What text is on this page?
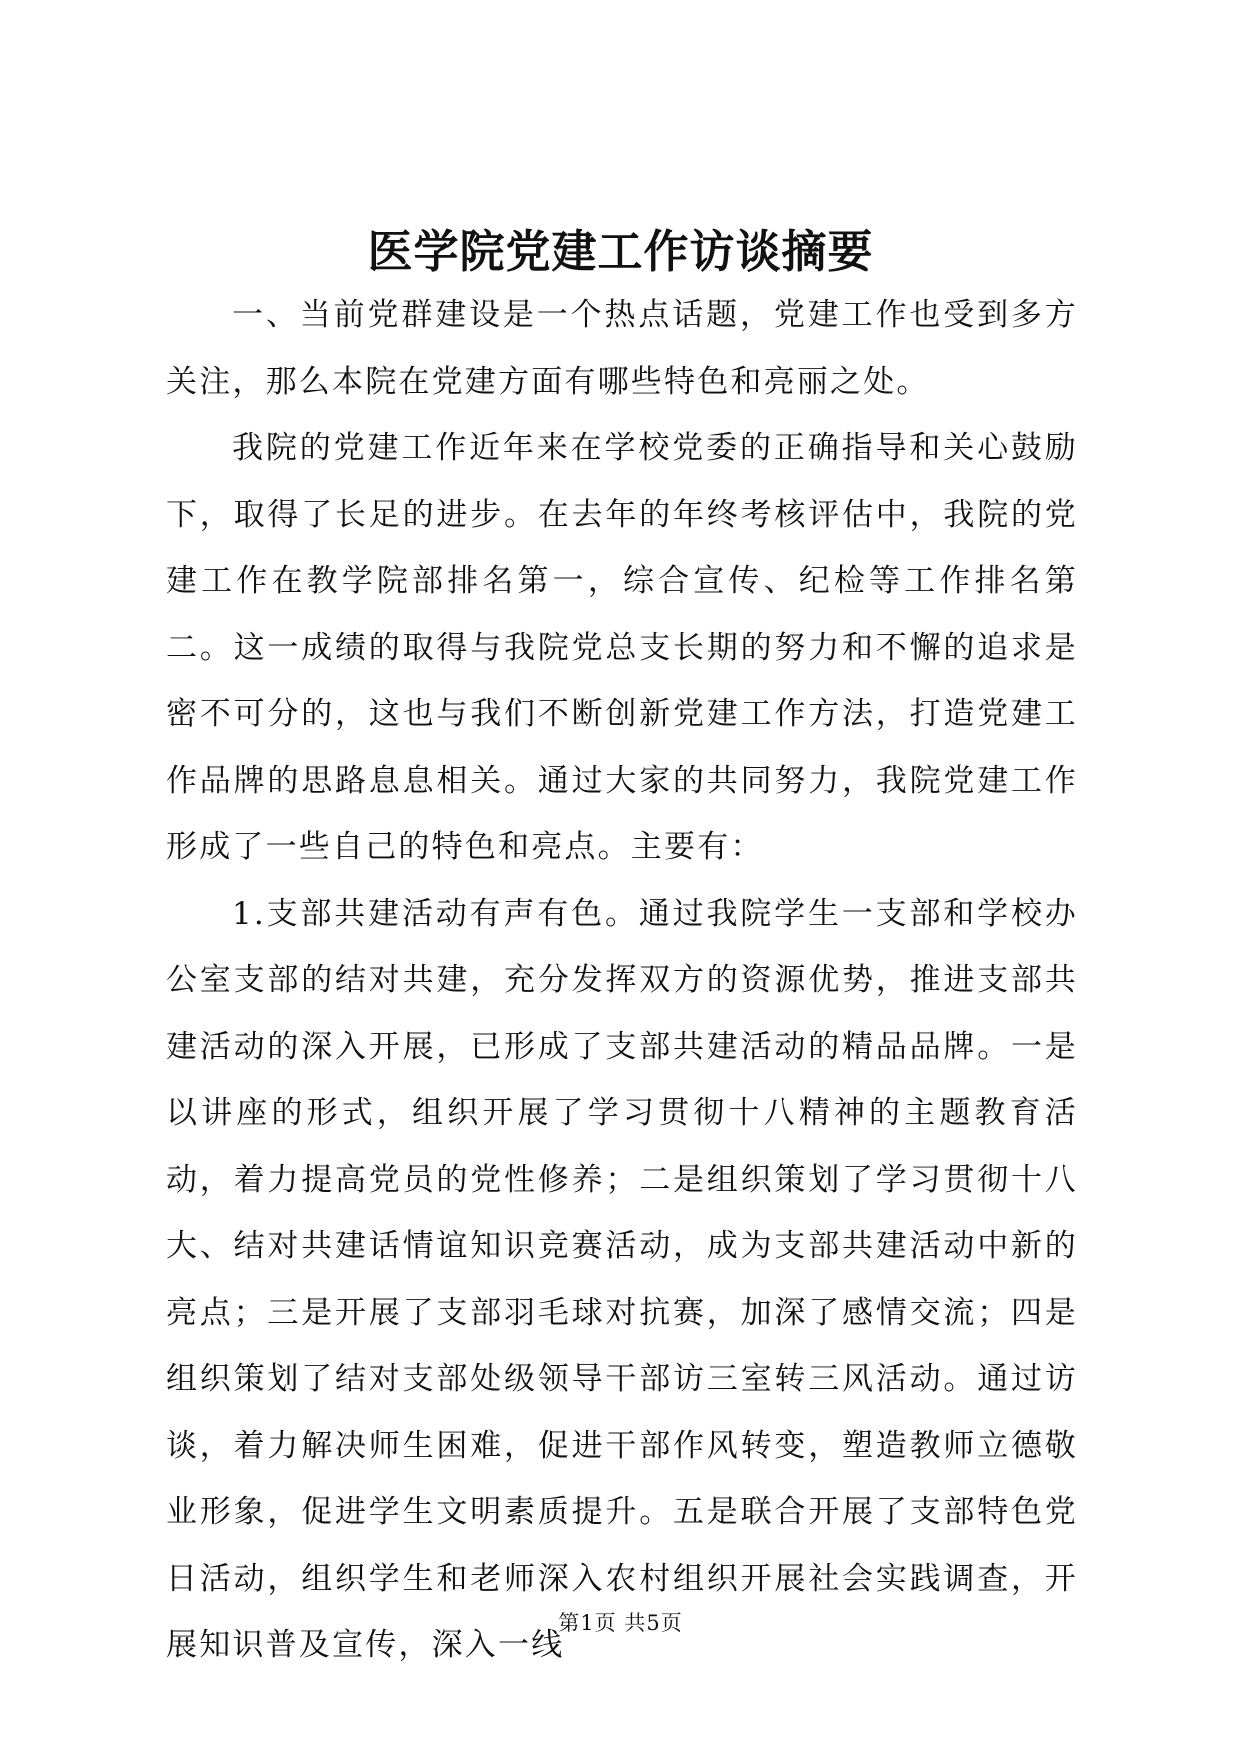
医学院党建工作访谈摘要

一、当前党群建设是一个热点话题，党建工作也受到多方关注，那么本院在党建方面有哪些特色和亮丽之处。

我院的党建工作近年来在学校党委的正确指导和关心鼓励下，取得了长足的进步。在去年的年终考核评估中，我院的党建工作在教学院部排名第一，综合宣传、纪检等工作排名第二。这一成绩的取得与我院党总支长期的努力和不懈的追求是密不可分的，这也与我们不断创新党建工作方法，打造党建工作品牌的思路息息相关。通过大家的共同努力，我院党建工作形成了一些自己的特色和亮点。主要有：

1.支部共建活动有声有色。通过我院学生一支部和学校办公室支部的结对共建，充分发挥双方的资源优势，推进支部共建活动的深入开展，已形成了支部共建活动的精品品牌。一是以讲座的形式，组织开展了学习贯彻十八精神的主题教育活动，着力提高党员的党性修养；二是组织策划了学习贯彻十八大、结对共建话情谊知识竞赛活动，成为支部共建活动中新的亮点；三是开展了支部羽毛球对抗赛，加深了感情交流；四是组织策划了结对支部处级领导干部访三室转三风活动。通过访谈，着力解决师生困难，促进干部作风转变，塑造教师立德敬业形象，促进学生文明素质提升。五是联合开展了支部特色党日活动，组织学生和老师深入农村组织开展社会实践调查，开展知识普及宣传，深入一线

第1页 共5页
